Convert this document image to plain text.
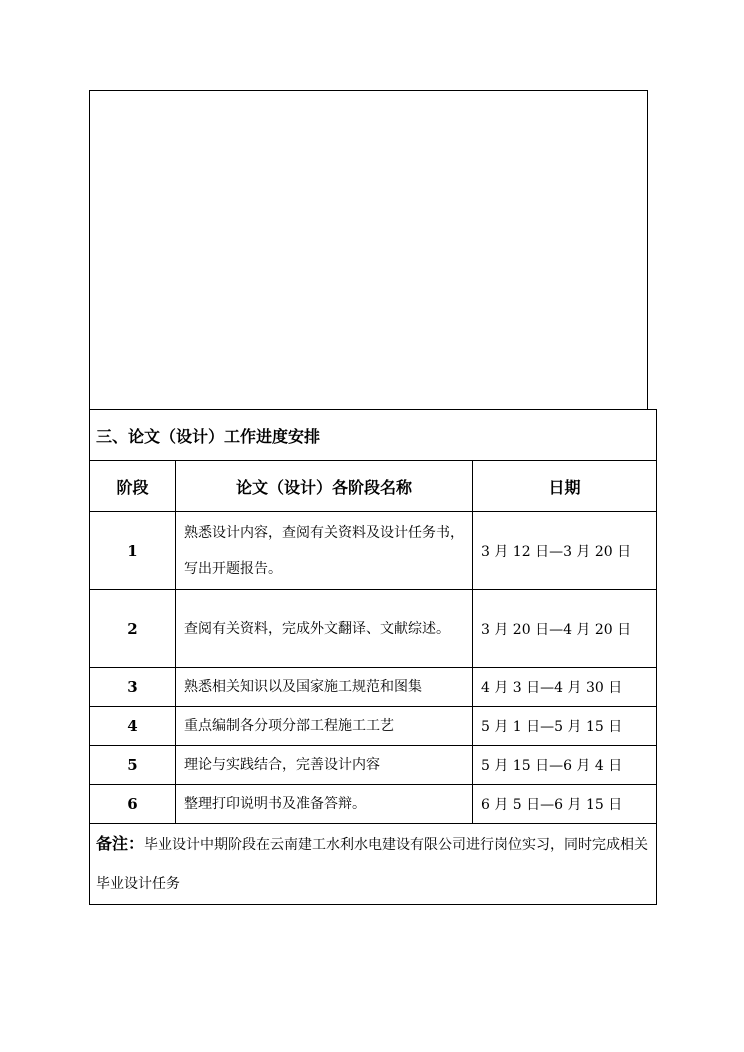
三、论文（设计）工作进度安排		
阶段	论文（设计）各阶段名称	日期
1	熟悉设计内容，查阅有关资料及设计任务书，写出开题报告。	3 月 12 日—3 月 20 日
2	查阅有关资料，完成外文翻译、文献综述。	3 月 20 日—4 月 20 日
3	熟悉相关知识以及国家施工规范和图集	4 月 3 日—4 月 30 日
4	重点编制各分项分部工程施工工艺	5 月 1 日—5 月 15 日
5	理论与实践结合，完善设计内容	5 月 15 日—6 月 4 日
6	整理打印说明书及准备答辩。	6 月 5 日—6 月 15 日
备注：毕业设计中期阶段在云南建工水利水电建设有限公司进行岗位实习，同时完成相关毕业设计任务		
